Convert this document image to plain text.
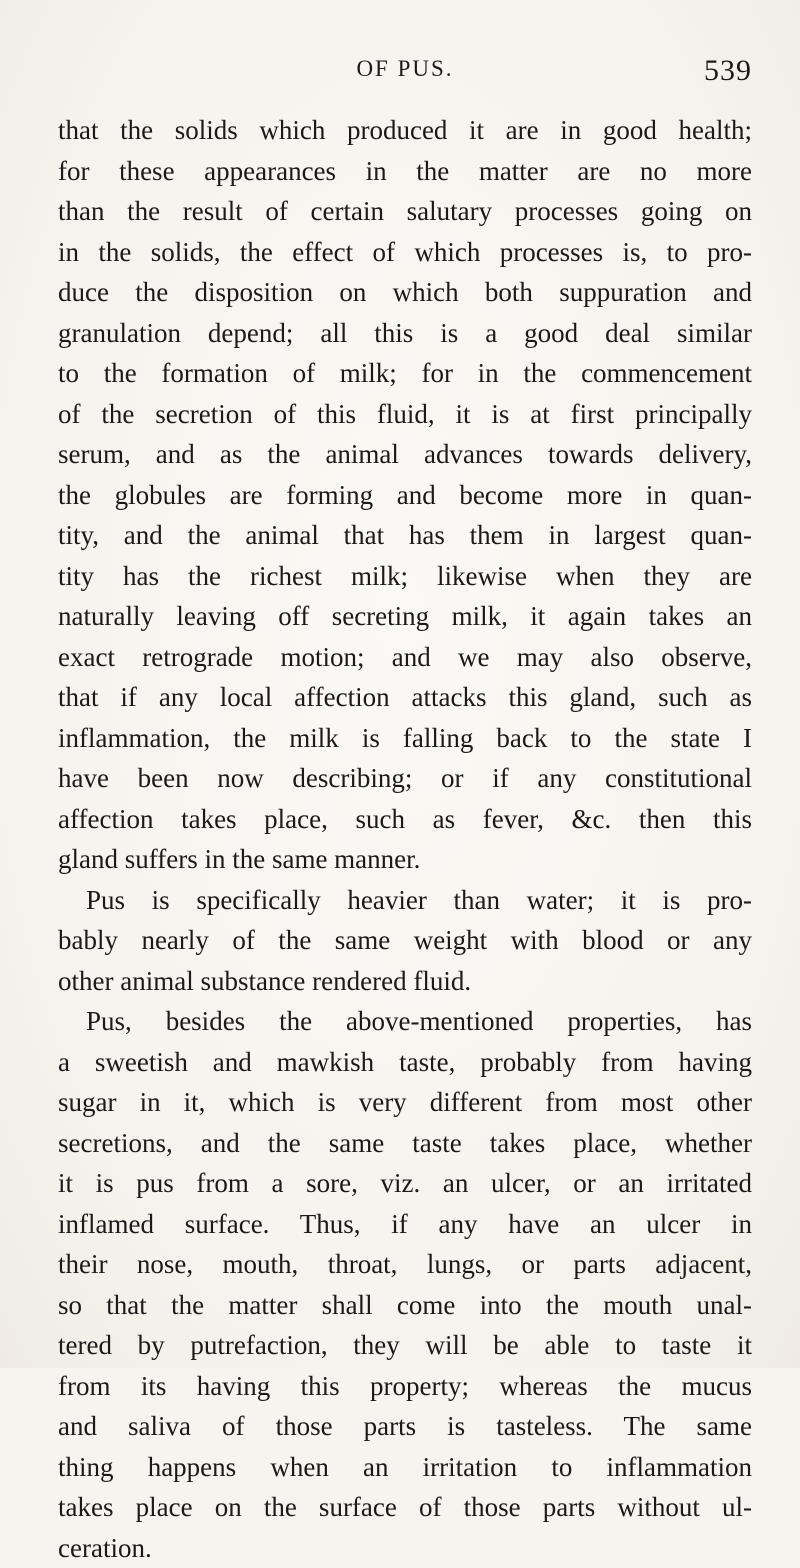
OF PUS.	539
that the solids which produced it are in good health;
for these appearances in the matter are no more
than the result of certain salutary processes going on
in the solids, the effect of which processes is, to pro-
duce the disposition on which both suppuration and
granulation depend; all this is a good deal similar
to the formation of milk; for in the commencement
of the secretion of this fluid, it is at first principally
serum, and as the animal advances towards delivery,
the globules are forming and become more in quan-
tity, and the animal that has them in largest quan-
tity has the richest milk; likewise when they are
naturally leaving off secreting milk, it again takes an
exact retrograde motion; and we may also observe,
that if any local affection attacks this gland, such as
inflammation, the milk is falling back to the state I
have been now describing; or if any constitutional
affection takes place, such as fever, &c. then this
gland suffers in the same manner.
Pus is specifically heavier than water; it is pro-
bably nearly of the same weight with blood or any
other animal substance rendered fluid.
Pus, besides the above-mentioned properties, has
a sweetish and mawkish taste, probably from having
sugar in it, which is very different from most other
secretions, and the same taste takes place, whether
it is pus from a sore, viz. an ulcer, or an irritated
inflamed surface. Thus, if any have an ulcer in
their nose, mouth, throat, lungs, or parts adjacent,
so that the matter shall come into the mouth unal-
tered by putrefaction, they will be able to taste it
from its having this property; whereas the mucus
and saliva of those parts is tasteless. The same
thing happens when an irritation to inflammation
takes place on the surface of those parts without ul-
ceration.
